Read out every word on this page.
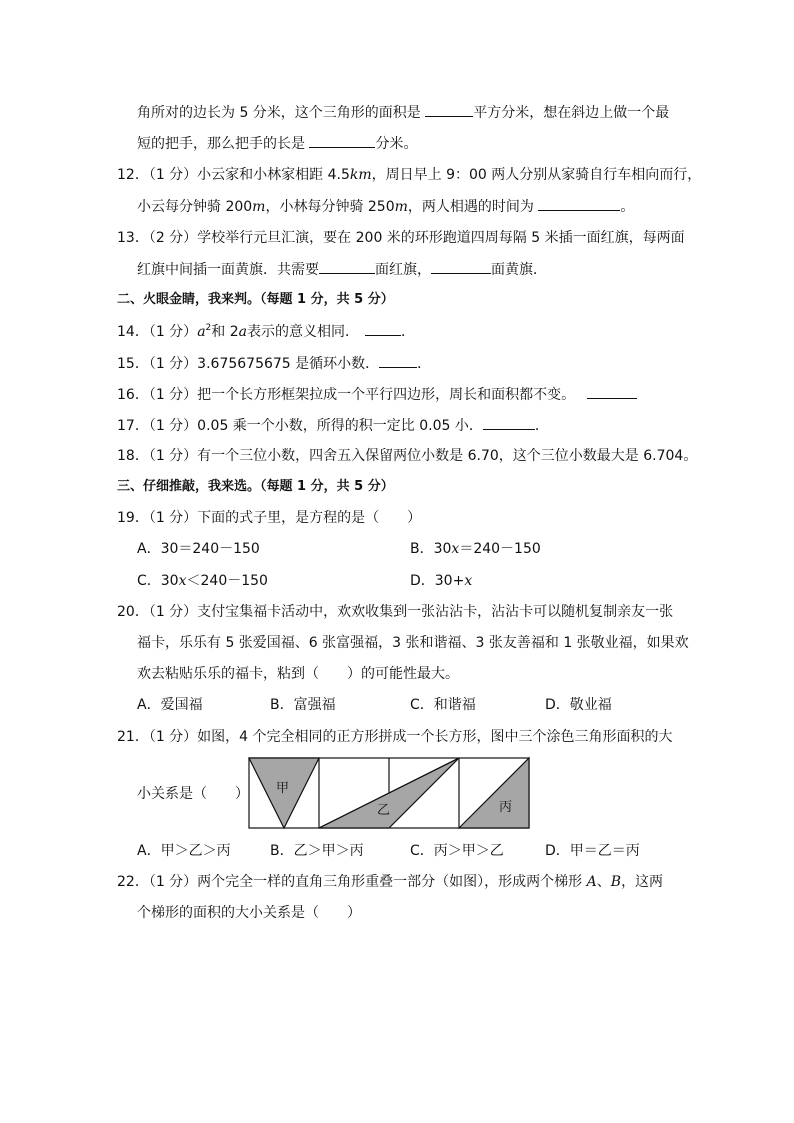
角所对的边长为 5 分米，这个三角形的面积是	平方分米，想在斜边上做一个最
短的把手，那么把手的长是	分米。
12．（1 分）小云家和小林家相距 4.5km，周日早上 9：00 两人分别从家骑自行车相向而行，
小云每分钟骑 200m，小林每分钟骑 250m，两人相遇的时间为	。
13．（2 分）学校举行元旦汇演，要在 200 米的环形跑道四周每隔 5 米插一面红旗，每两面
红旗中间插一面黄旗．共需要	面红旗，	面黄旗．
二、火眼金睛，我来判。（每题 1 分，共 5 分）
14．（1 分）$a^2$和 2a表示的意义相同．	．
15．（1 分）3.675675675 是循环小数．	．
16．（1 分）把一个长方形框架拉成一个平行四边形，周长和面积都不变。
17．（1 分）0.05 乘一个小数，所得的积一定比 0.05 小．	．
18．（1 分）有一个三位小数，四舍五入保留两位小数是 6.70，这个三位小数最大是 6.704。
三、仔细推敲，我来选。（每题 1 分，共 5 分）
19．（1 分）下面的式子里，是方程的是（　　）
A．30＝240－150	B．30x＝240－150
C．30x＜240－150	D．30+x
20．（1 分）支付宝集福卡活动中，欢欢收集到一张沾沾卡，沾沾卡可以随机复制亲友一张
福卡，乐乐有 5 张爱国福、6 张富强福，3 张和谐福、3 张友善福和 1 张敬业福，如果欢
欢去粘贴乐乐的福卡，粘到（　　）的可能性最大。
A．爱国福	B．富强福	C．和谐福	D．敬业福
21．（1 分）如图，4 个完全相同的正方形拼成一个长方形，图中三个涂色三角形面积的大
小关系是（　　） 甲
乙	丙
A．甲＞乙＞丙	B．乙＞甲＞丙	C．丙＞甲＞乙	D．甲＝乙＝丙
22．（1 分）两个完全一样的直角三角形重叠一部分（如图），形成两个梯形 A、B，这两
个梯形的面积的大小关系是（　　）
